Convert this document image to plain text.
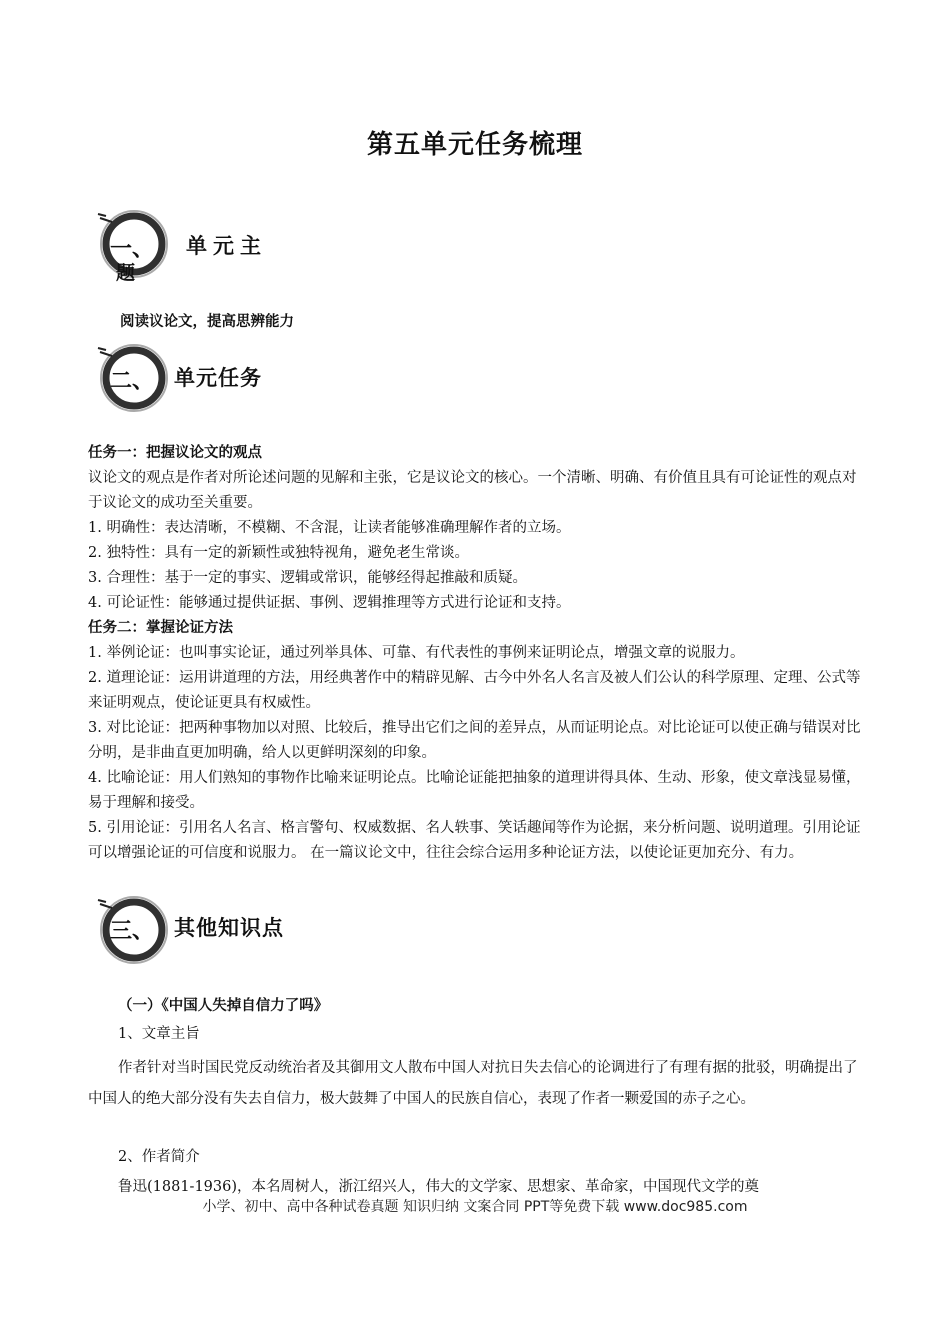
第五单元任务梳理
一、 单元主
题

阅读议论文，提高思辨能力

二、 单元任务

任务一：把握议论文的观点

议论文的观点是作者对所论述问题的见解和主张，它是议论文的核心。一个清晰、明确、有价值且具有可论证性的观点对于议论文的成功至关重要。

1. 明确性：表达清晰，不模糊、不含混，让读者能够准确理解作者的立场。

2. 独特性：具有一定的新颖性或独特视角，避免老生常谈。

3. 合理性：基于一定的事实、逻辑或常识，能够经得起推敲和质疑。

4. 可论证性：能够通过提供证据、事例、逻辑推理等方式进行论证和支持。

任务二：掌握论证方法

1. 举例论证：也叫事实论证，通过列举具体、可靠、有代表性的事例来证明论点，增强文章的说服力。

2. 道理论证：运用讲道理的方法，用经典著作中的精辟见解、古今中外名人名言及被人们公认的科学原理、定理、公式等来证明观点，使论证更具有权威性。

3. 对比论证：把两种事物加以对照、比较后，推导出它们之间的差异点，从而证明论点。对比论证可以使正确与错误对比分明，是非曲直更加明确，给人以更鲜明深刻的印象。

4. 比喻论证：用人们熟知的事物作比喻来证明论点。比喻论证能把抽象的道理讲得具体、生动、形象，使文章浅显易懂，易于理解和接受。

5. 引用论证：引用名人名言、格言警句、权威数据、名人轶事、笑话趣闻等作为论据，来分析问题、说明道理。引用论证可以增强论证的可信度和说服力。 在一篇议论文中，往往会综合运用多种论证方法，以使论证更加充分、有力。

三、 其他知识点

（一）《中国人失掉自信力了吗》

1、文章主旨

作者针对当时国民党反动统治者及其御用文人散布中国人对抗日失去信心的论调进行了有理有据的批驳，明确提出了中国人的绝大部分没有失去自信力，极大鼓舞了中国人的民族自信心，表现了作者一颗爱国的赤子之心。

2、作者简介

鲁迅(1881-1936)，本名周树人，浙江绍兴人，伟大的文学家、思想家、革命家，中国现代文学的奠

小学、初中、高中各种试卷真题 知识归纳 文案合同 PPT等免费下载 www.doc985.com
